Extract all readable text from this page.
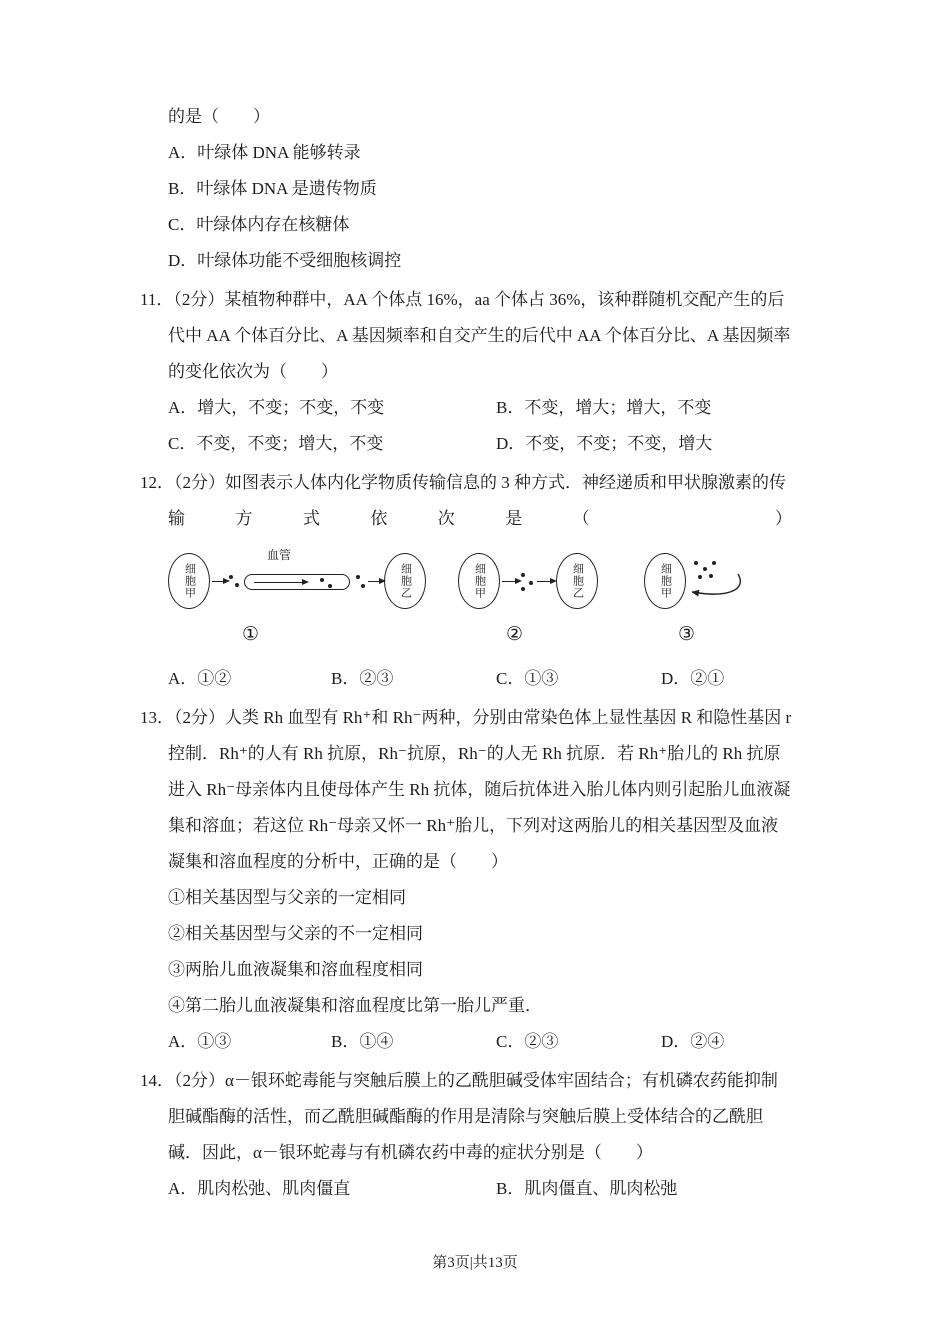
的是（　　）

A．叶绿体 DNA 能够转录

B．叶绿体 DNA 是遗传物质

C．叶绿体内存在核糖体

D．叶绿体功能不受细胞核调控

11．（2分）某植物种群中，AA 个体点 16%，aa 个体占 36%，该种群随机交配产生的后代中 AA 个体百分比、A 基因频率和自交产生的后代中 AA 个体百分比、A 基因频率的变化依次为（　　）

A．增大，不变；不变，不变	B．不变，增大；增大，不变
C．不变，不变；增大，不变	D．不变，不变；不变，增大

12．（2分）如图表示人体内化学物质传输信息的 3 种方式．神经递质和甲状腺激素的传

输方式依次是（　　）

细胞甲
血管
细胞乙
①
细胞甲	细胞乙
②
细胞甲
③
A．①②	B．②③	C．①③	D．②①

13．（2分）人类 Rh 血型有 Rh⁺和 Rh⁻两种，分别由常染色体上显性基因 R 和隐性基因 r 控制．Rh⁺的人有 Rh 抗原，Rh⁻抗原，Rh⁻的人无 Rh 抗原．若 Rh⁺胎儿的 Rh 抗原进入 Rh⁻母亲体内且使母体产生 Rh 抗体，随后抗体进入胎儿体内则引起胎儿血液凝集和溶血；若这位 Rh⁻母亲又怀一 Rh⁺胎儿，下列对这两胎儿的相关基因型及血液凝集和溶血程度的分析中，正确的是（　　）

①相关基因型与父亲的一定相同

②相关基因型与父亲的不一定相同

③两胎儿血液凝集和溶血程度相同

④第二胎儿血液凝集和溶血程度比第一胎儿严重．

A．①③	B．①④	C．②③	D．②④

14．（2分）α－银环蛇毒能与突触后膜上的乙酰胆碱受体牢固结合；有机磷农药能抑制胆碱酯酶的活性，而乙酰胆碱酯酶的作用是清除与突触后膜上受体结合的乙酰胆碱．因此，α－银环蛇毒与有机磷农药中毒的症状分别是（　　）

A．肌肉松弛、肌肉僵直	B．肌肉僵直、肌肉松弛
第3页|共13页
